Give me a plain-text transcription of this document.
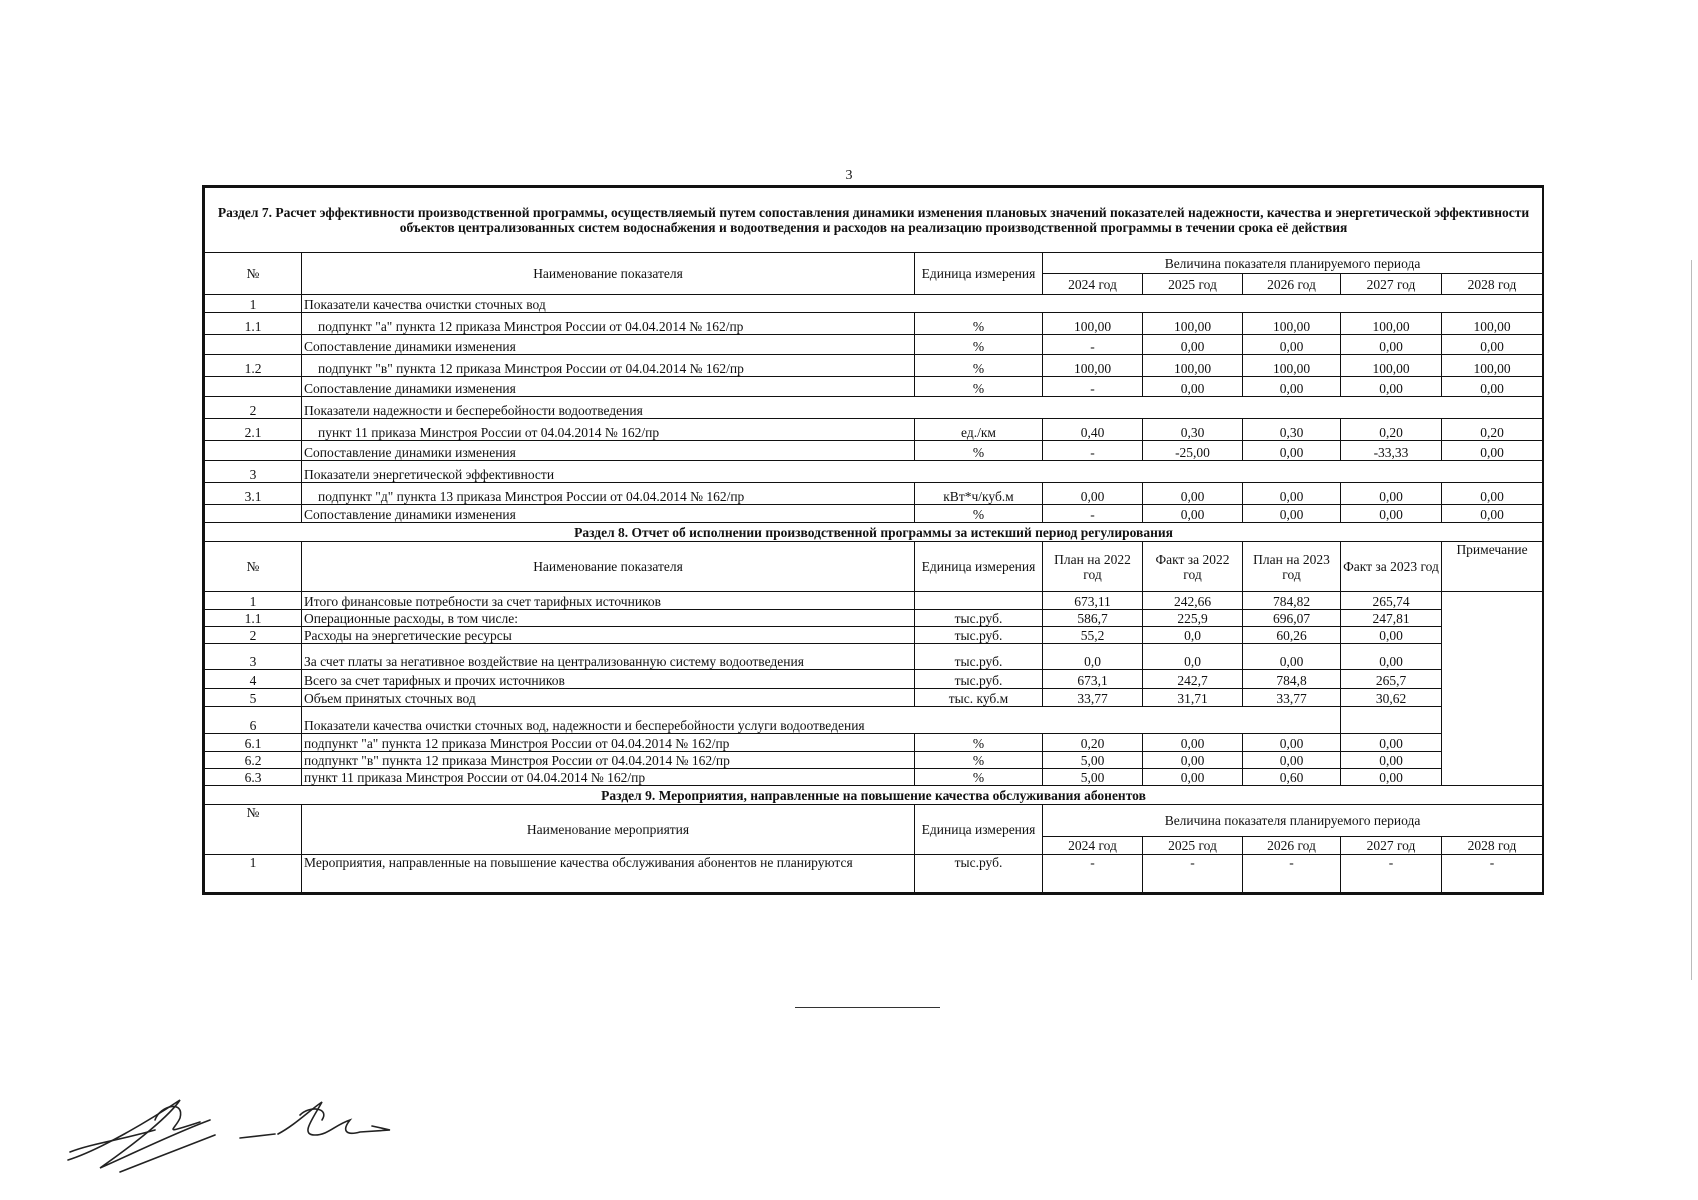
3
Раздел 7. Расчет эффективности производственной программы, осуществляемый путем сопоставления динамики изменения плановых значений показателей надежности, качества и энергетической эффективности объектов централизованных систем водоснабжения и водоотведения и расходов на реализацию производственной программы в течении срока её действия							
№	Наименование показателя	Единица измерения	Величина показателя планируемого периода				
			2024 год	2025 год	2026 год	2027 год	2028 год
1	Показатели качества очистки сточных вод						
1.1	подпункт "а" пункта 12 приказа Минстроя России от 04.04.2014 № 162/пр	%	100,00	100,00	100,00	100,00	100,00
	Сопоставление динамики изменения	%	-	0,00	0,00	0,00	0,00
1.2	подпункт "в" пункта 12 приказа Минстроя России от 04.04.2014 № 162/пр	%	100,00	100,00	100,00	100,00	100,00
	Сопоставление динамики изменения	%	-	0,00	0,00	0,00	0,00
2	Показатели надежности и бесперебойности водоотведения						
2.1	пункт 11 приказа Минстроя России от 04.04.2014 № 162/пр	ед./км	0,40	0,30	0,30	0,20	0,20
	Сопоставление динамики изменения	%	-	-25,00	0,00	-33,33	0,00
3	Показатели энергетической эффективности						
3.1	подпункт "д" пункта 13 приказа Минстроя России от 04.04.2014 № 162/пр	кВт*ч/куб.м	0,00	0,00	0,00	0,00	0,00
	Сопоставление динамики изменения	%	-	0,00	0,00	0,00	0,00
Раздел 8. Отчет об исполнении производственной программы за истекший период регулирования							
№	Наименование показателя	Единица измерения	План на 2022 год	Факт за 2022 год	План на 2023 год	Факт за 2023 год	Примечание
1	Итого финансовые потребности за счет тарифных источников		673,11	242,66	784,82	265,74	
1.1	Операционные расходы, в том числе:	тыс.руб.	586,7	225,9	696,07	247,81	
2	Расходы на энергетические ресурсы	тыс.руб.	55,2	0,0	60,26	0,00	
3	За счет платы за негативное воздействие на централизованную систему водоотведения	тыс.руб.	0,0	0,0	0,00	0,00	
4	Всего за счет тарифных и прочих источников	тыс.руб.	673,1	242,7	784,8	265,7	
5	Объем принятых сточных вод	тыс. куб.м	33,77	31,71	33,77	30,62	
6	Показатели качества очистки сточных вод, надежности и бесперебойности услуги водоотведения						
6.1	подпункт "а" пункта 12 приказа Минстроя России от 04.04.2014 № 162/пр	%	0,20	0,00	0,00	0,00	
6.2	подпункт "в" пункта 12 приказа Минстроя России от 04.04.2014 № 162/пр	%	5,00	0,00	0,00	0,00	
6.3	пункт 11 приказа Минстроя России от 04.04.2014 № 162/пр	%	5,00	0,00	0,60	0,00	
Раздел 9. Мероприятия, направленные на повышение качества обслуживания абонентов							
№	Наименование мероприятия	Единица измерения	Величина показателя планируемого периода				
			2024 год	2025 год	2026 год	2027 год	2028 год
1	Мероприятия, направленные на повышение качества обслуживания абонентов не планируются	тыс.руб.	-	-	-	-	-
